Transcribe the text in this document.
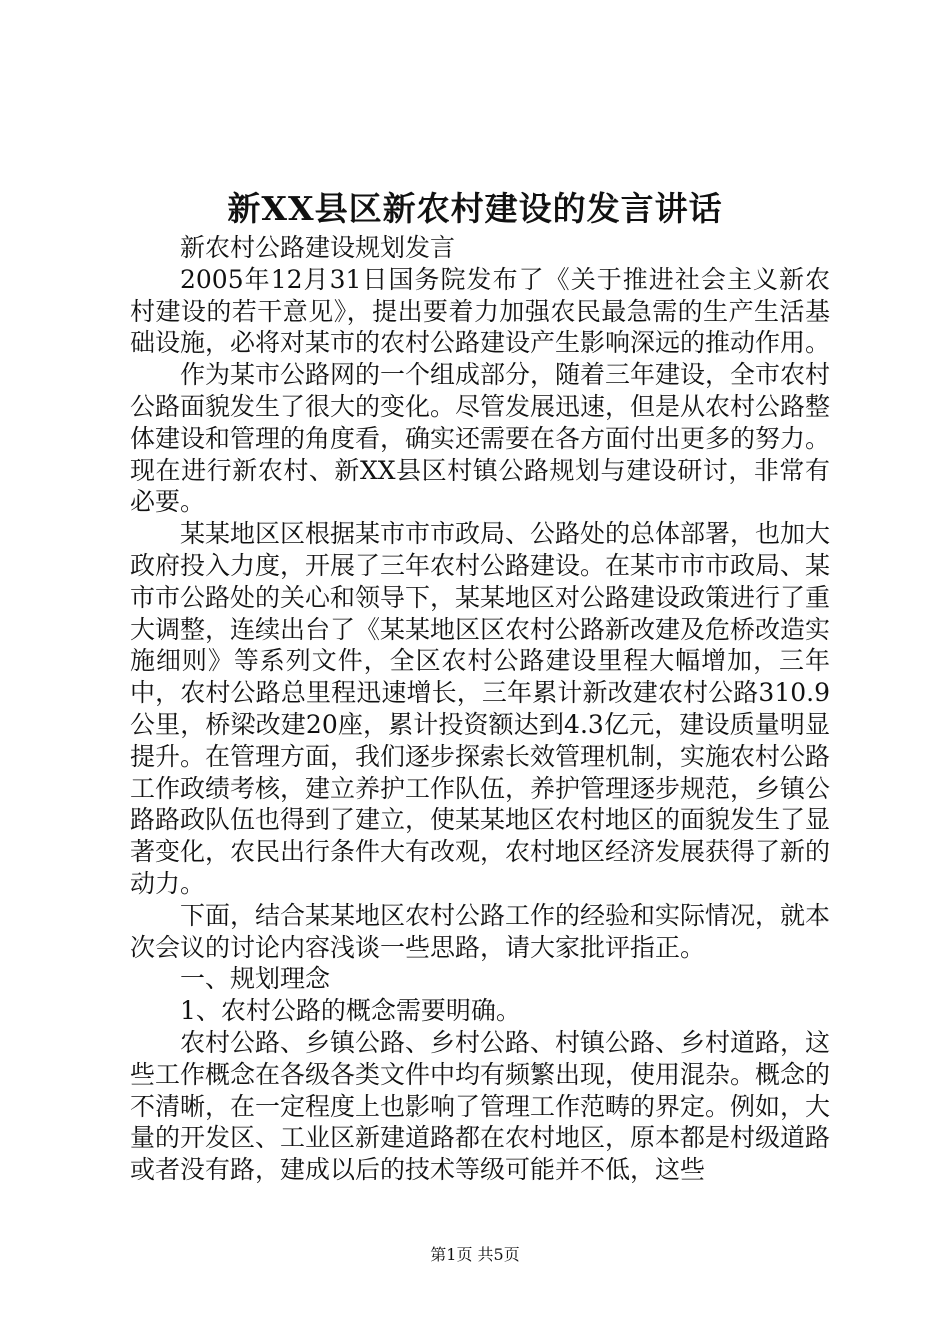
新XX县区新农村建设的发言讲话

新农村公路建设规划发言

2005年12月31日国务院发布了《关于推进社会主义新农村建设的若干意见》，提出要着力加强农民最急需的生产生活基础设施，必将对某市的农村公路建设产生影响深远的推动作用。

作为某市公路网的一个组成部分，随着三年建设，全市农村公路面貌发生了很大的变化。尽管发展迅速，但是从农村公路整体建设和管理的角度看，确实还需要在各方面付出更多的努力。现在进行新农村、新XX县区村镇公路规划与建设研讨，非常有必要。

某某地区区根据某市市市政局、公路处的总体部署，也加大政府投入力度，开展了三年农村公路建设。在某市市市政局、某市市公路处的关心和领导下，某某地区对公路建设政策进行了重大调整，连续出台了《某某地区区农村公路新改建及危桥改造实施细则》等系列文件，全区农村公路建设里程大幅增加，三年中，农村公路总里程迅速增长，三年累计新改建农村公路310.9公里，桥梁改建20座，累计投资额达到4.3亿元，建设质量明显提升。在管理方面，我们逐步探索长效管理机制，实施农村公路工作政绩考核，建立养护工作队伍，养护管理逐步规范，乡镇公路路政队伍也得到了建立，使某某地区农村地区的面貌发生了显著变化，农民出行条件大有改观，农村地区经济发展获得了新的动力。

下面，结合某某地区农村公路工作的经验和实际情况，就本次会议的讨论内容浅谈一些思路，请大家批评指正。

一、规划理念

1、农村公路的概念需要明确。

农村公路、乡镇公路、乡村公路、村镇公路、乡村道路，这些工作概念在各级各类文件中均有频繁出现，使用混杂。概念的不清晰，在一定程度上也影响了管理工作范畴的界定。例如，大量的开发区、工业区新建道路都在农村地区，原本都是村级道路或者没有路，建成以后的技术等级可能并不低，这些

第1页 共5页
